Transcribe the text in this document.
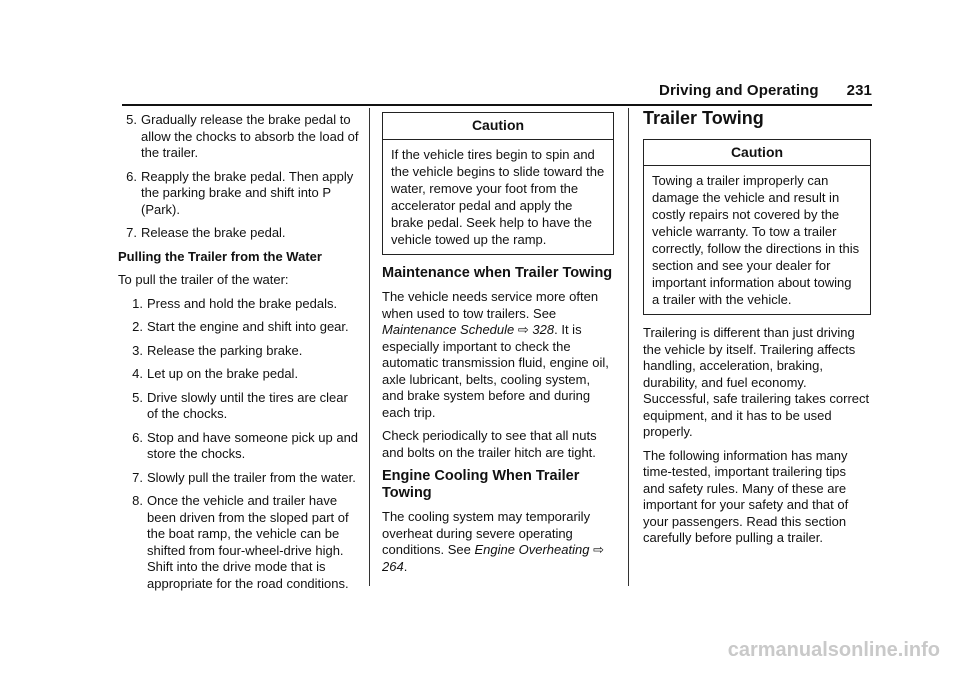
Driving and Operating 231
5. Gradually release the brake pedal to allow the chocks to absorb the load of the trailer.
6. Reapply the brake pedal. Then apply the parking brake and shift into P (Park).
7. Release the brake pedal.
Pulling the Trailer from the Water

To pull the trailer of the water:

1. Press and hold the brake pedals.
2. Start the engine and shift into gear.
3. Release the parking brake.
4. Let up on the brake pedal.
5. Drive slowly until the tires are clear of the chocks.
6. Stop and have someone pick up and store the chocks.
7. Slowly pull the trailer from the water.
8. Once the vehicle and trailer have been driven from the sloped part of the boat ramp, the vehicle can be shifted from four-wheel-drive high. Shift into the drive mode that is appropriate for the road conditions.
Caution

If the vehicle tires begin to spin and the vehicle begins to slide toward the water, remove your foot from the accelerator pedal and apply the brake pedal. Seek help to have the vehicle towed up the ramp.

Maintenance when Trailer Towing

The vehicle needs service more often when used to tow trailers. See Maintenance Schedule ⇨ 328. It is especially important to check the automatic transmission fluid, engine oil, axle lubricant, belts, cooling system, and brake system before and during each trip.

Check periodically to see that all nuts and bolts on the trailer hitch are tight.

Engine Cooling When Trailer Towing

The cooling system may temporarily overheat during severe operating conditions. See Engine Overheating ⇨ 264.

Trailer Towing
Caution

Towing a trailer improperly can damage the vehicle and result in costly repairs not covered by the vehicle warranty. To tow a trailer correctly, follow the directions in this section and see your dealer for important information about towing a trailer with the vehicle.

Trailering is different than just driving the vehicle by itself. Trailering affects handling, acceleration, braking, durability, and fuel economy. Successful, safe trailering takes correct equipment, and it has to be used properly.

The following information has many time-tested, important trailering tips and safety rules. Many of these are important for your safety and that of your passengers. Read this section carefully before pulling a trailer.

carmanualsonline.info
